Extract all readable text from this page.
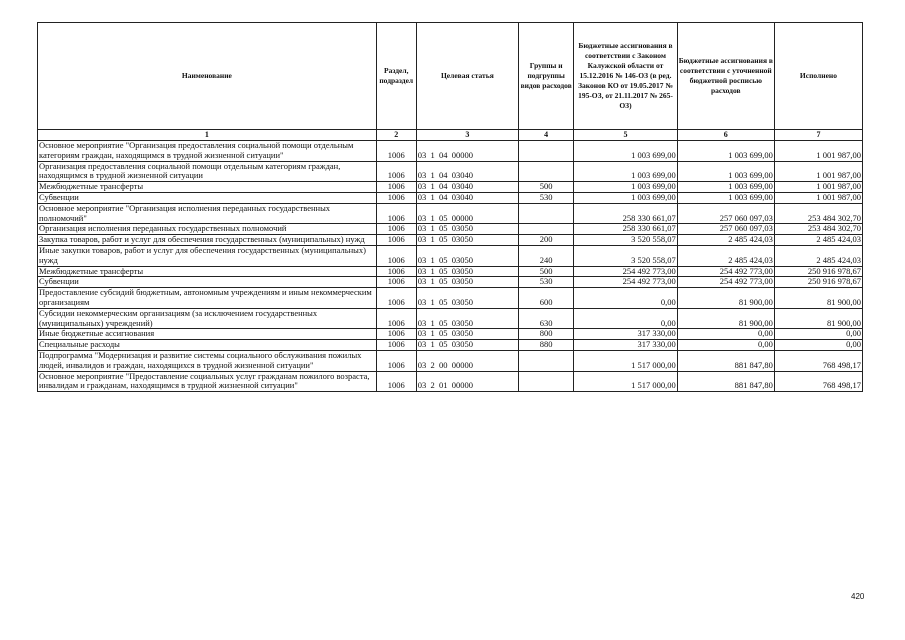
Наименование	Раздел, подраздел	Целевая статья	Группы и подгруппы видов расходов	Бюджетные ассигнования в соответствии с Законом Калужской области от 15.12.2016 № 146-ОЗ (в ред. Законов КО от 19.05.2017 № 195-ОЗ, от 21.11.2017 № 265-ОЗ)	Бюджетные ассигнования в соответствии с уточненной бюджетной росписью расходов	Исполнено
1	2	3	4	5	6	7
Основное мероприятие "Организация предоставления социальной помощи отдельным категориям граждан, находящимся в трудной жизненной ситуации"	1006	03  1  04  00000		1 003 699,00	1 003 699,00	1 001 987,00
Организация предоставления социальной помощи отдельным категориям граждан, находящимся в трудной жизненной ситуации	1006	03  1  04  03040		1 003 699,00	1 003 699,00	1 001 987,00
Межбюджетные трансферты	1006	03  1  04  03040	500	1 003 699,00	1 003 699,00	1 001 987,00
Субвенции	1006	03  1  04  03040	530	1 003 699,00	1 003 699,00	1 001 987,00
Основное мероприятие "Организация исполнения переданных государственных полномочий"	1006	03  1  05  00000		258 330 661,07	257 060 097,03	253 484 302,70
Организация исполнения переданных государственных полномочий	1006	03  1  05  03050		258 330 661,07	257 060 097,03	253 484 302,70
Закупка товаров, работ и услуг для обеспечения государственных (муниципальных) нужд	1006	03  1  05  03050	200	3 520 558,07	2 485 424,03	2 485 424,03
Иные закупки товаров, работ и услуг для обеспечения государственных (муниципальных) нужд	1006	03  1  05  03050	240	3 520 558,07	2 485 424,03	2 485 424,03
Межбюджетные трансферты	1006	03  1  05  03050	500	254 492 773,00	254 492 773,00	250 916 978,67
Субвенции	1006	03  1  05  03050	530	254 492 773,00	254 492 773,00	250 916 978,67
Предоставление субсидий бюджетным, автономным учреждениям и иным некоммерческим организациям	1006	03  1  05  03050	600	0,00	81 900,00	81 900,00
Субсидии некоммерческим организациям (за исключением государственных (муниципальных) учреждений)	1006	03  1  05  03050	630	0,00	81 900,00	81 900,00
Иные бюджетные ассигнования	1006	03  1  05  03050	800	317 330,00	0,00	0,00
Специальные расходы	1006	03  1  05  03050	880	317 330,00	0,00	0,00
Подпрограмма "Модернизация и развитие системы социального обслуживания пожилых людей, инвалидов и граждан, находящихся в трудной жизненной ситуации"	1006	03  2  00  00000		1 517 000,00	881 847,80	768 498,17
Основное мероприятие "Предоставление социальных услуг гражданам пожилого возраста, инвалидам и гражданам, находящимся в трудной жизненной ситуации"	1006	03  2  01  00000		1 517 000,00	881 847,80	768 498,17
420
